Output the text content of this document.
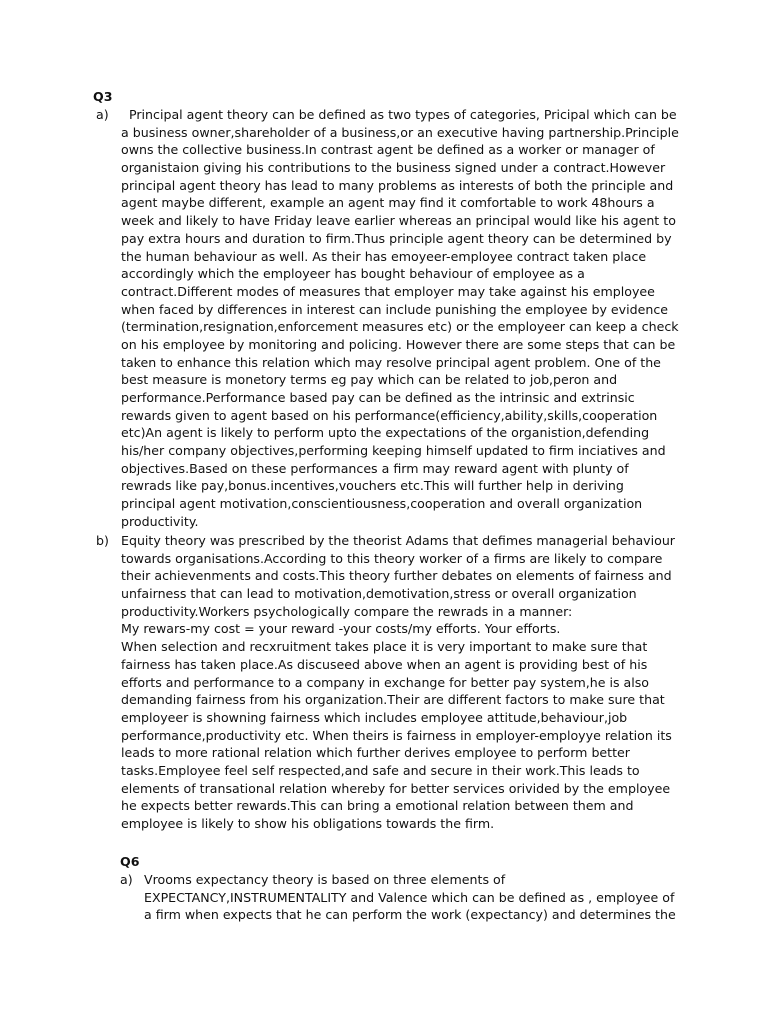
Q3
a) Principal agent theory can be defined as two types of categories, Pricipal which can be
a business owner,shareholder of a business,or an executive having partnership.Principle
owns the collective business.In contrast agent be defined as a worker or manager of
organistaion giving his contributions to the business signed under a contract.However
principal agent theory has lead to many problems as interests of both the principle and
agent maybe different, example an agent may find it comfortable to work 48hours a
week and likely to have Friday leave earlier whereas an principal would like his agent to
pay extra hours and duration to firm.Thus principle agent theory can be determined by
the human behaviour as well. As their has emoyeer-employee contract taken place
accordingly which the employeer has bought behaviour of employee as a
contract.Different modes of measures that employer may take against his employee
when faced by differences in interest can include punishing the employee by evidence
(termination,resignation,enforcement measures etc) or the employeer can keep a check
on his employee by monitoring and policing. However there are some steps that can be
taken to enhance this relation which may resolve principal agent problem. One of the
best measure is monetory terms eg pay which can be related to job,peron and
performance.Performance based pay can be defined as the intrinsic and extrinsic
rewards given to agent based on his performance(efficiency,ability,skills,cooperation
etc)An agent is likely to perform upto the expectations of the organistion,defending
his/her company objectives,performing keeping himself updated to firm inciatives and
objectives.Based on these performances a firm may reward agent with plunty of
rewrads like pay,bonus.incentives,vouchers etc.This will further help in deriving
principal agent motivation,conscientiousness,cooperation and overall organization
productivity.
b) Equity theory was prescribed by the theorist Adams that defimes managerial behaviour
towards organisations.According to this theory worker of a firms are likely to compare
their achievenments and costs.This theory further debates on elements of fairness and
unfairness that can lead to motivation,demotivation,stress or overall organization
productivity.Workers psychologically compare the rewrads in a manner:
My rewars-my cost = your reward -your costs/my efforts. Your efforts.
When selection and recxruitment takes place it is very important to make sure that
fairness has taken place.As discuseed above when an agent is providing best of his
efforts and performance to a company in exchange for better pay system,he is also
demanding fairness from his organization.Their are different factors to make sure that
employeer is showning fairness which includes employee attitude,behaviour,job
performance,productivity etc. When theirs is fairness in employer-employye relation its
leads to more rational relation which further derives employee to perform better
tasks.Employee feel self respected,and safe and secure in their work.This leads to
elements of transational relation whereby for better services orivided by the employee
he expects better rewards.This can bring a emotional relation between them and
employee is likely to show his obligations towards the firm.
Q6
a) Vrooms expectancy theory is based on three elements of
EXPECTANCY,INSTRUMENTALITY and Valence which can be defined as , employee of
a firm when expects that he can perform the work (expectancy) and determines the
